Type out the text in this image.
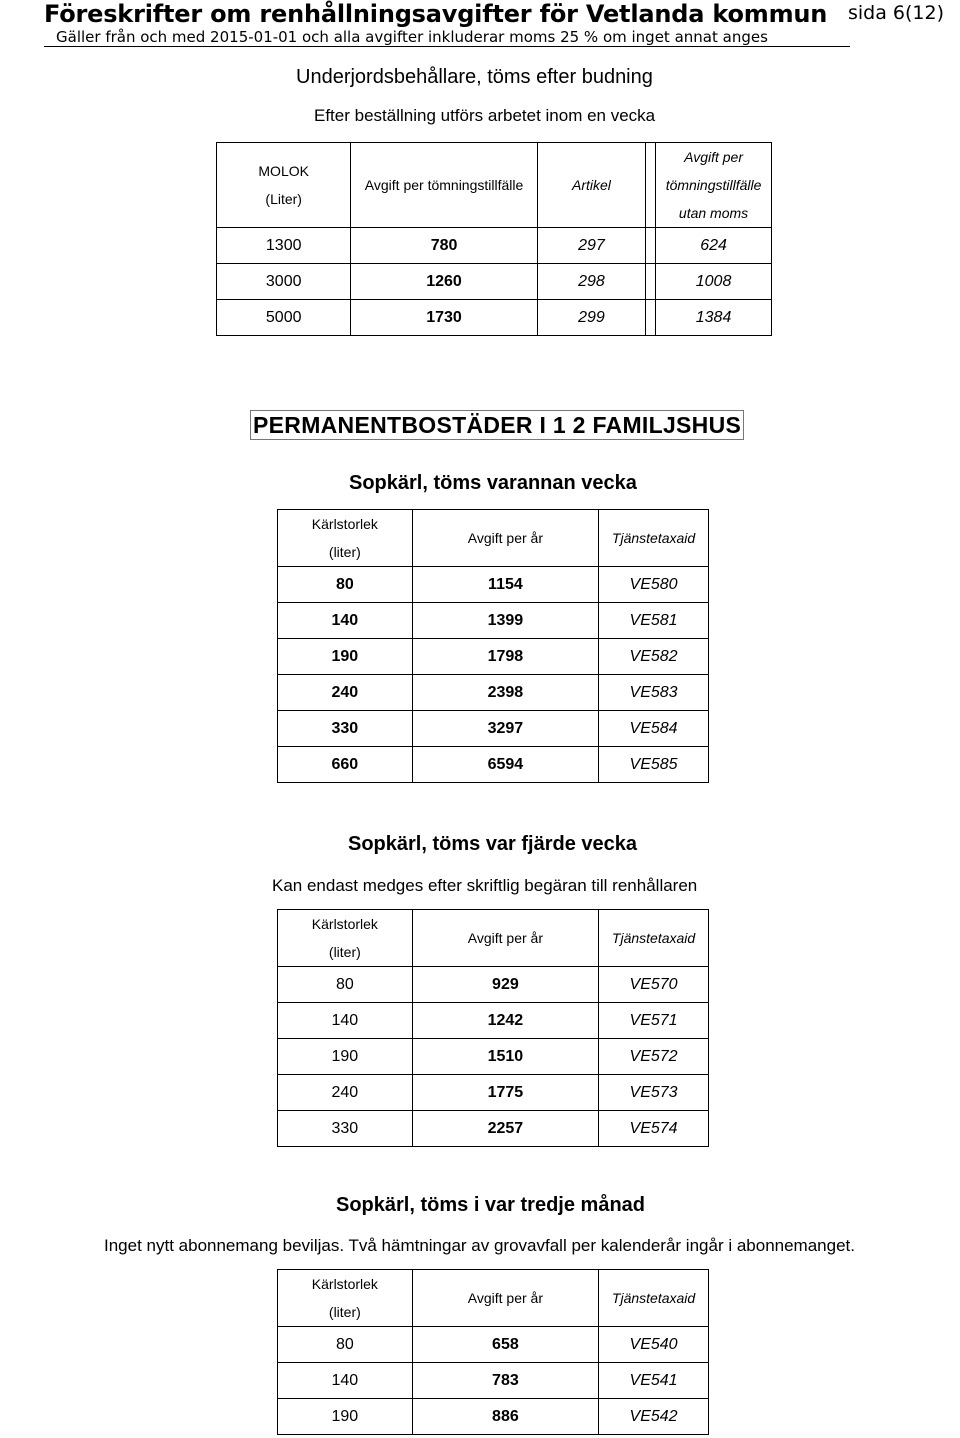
Föreskrifter om renhållningsavgifter för Vetlanda kommun sida 6(12)
Gäller från och med 2015-01-01 och alla avgifter inkluderar moms 25 % om inget annat anges
Underjordsbehållare, töms efter budning
Efter beställning utförs arbetet inom en vecka
MOLOK
(Liter)	Avgift per tömningstillfälle	Artikel		Avgift per
tömningstillfälle
utan moms
1300	780	297		624
3000	1260	298		1008
5000	1730	299		1384
PERMANENTBOSTÄDER I 1 2 FAMILJSHUS
Sopkärl, töms varannan vecka
Kärlstorlek
(liter)	Avgift per år	Tjänstetaxaid
80	1154	VE580
140	1399	VE581
190	1798	VE582
240	2398	VE583
330	3297	VE584
660	6594	VE585
Sopkärl, töms var fjärde vecka
Kan endast medges efter skriftlig begäran till renhållaren
Kärlstorlek
(liter)	Avgift per år	Tjänstetaxaid
80	929	VE570
140	1242	VE571
190	1510	VE572
240	1775	VE573
330	2257	VE574
Sopkärl, töms i var tredje månad
Inget nytt abonnemang beviljas. Två hämtningar av grovavfall per kalenderår ingår i abonnemanget.
Kärlstorlek
(liter)	Avgift per år	Tjänstetaxaid
80	658	VE540
140	783	VE541
190	886	VE542
